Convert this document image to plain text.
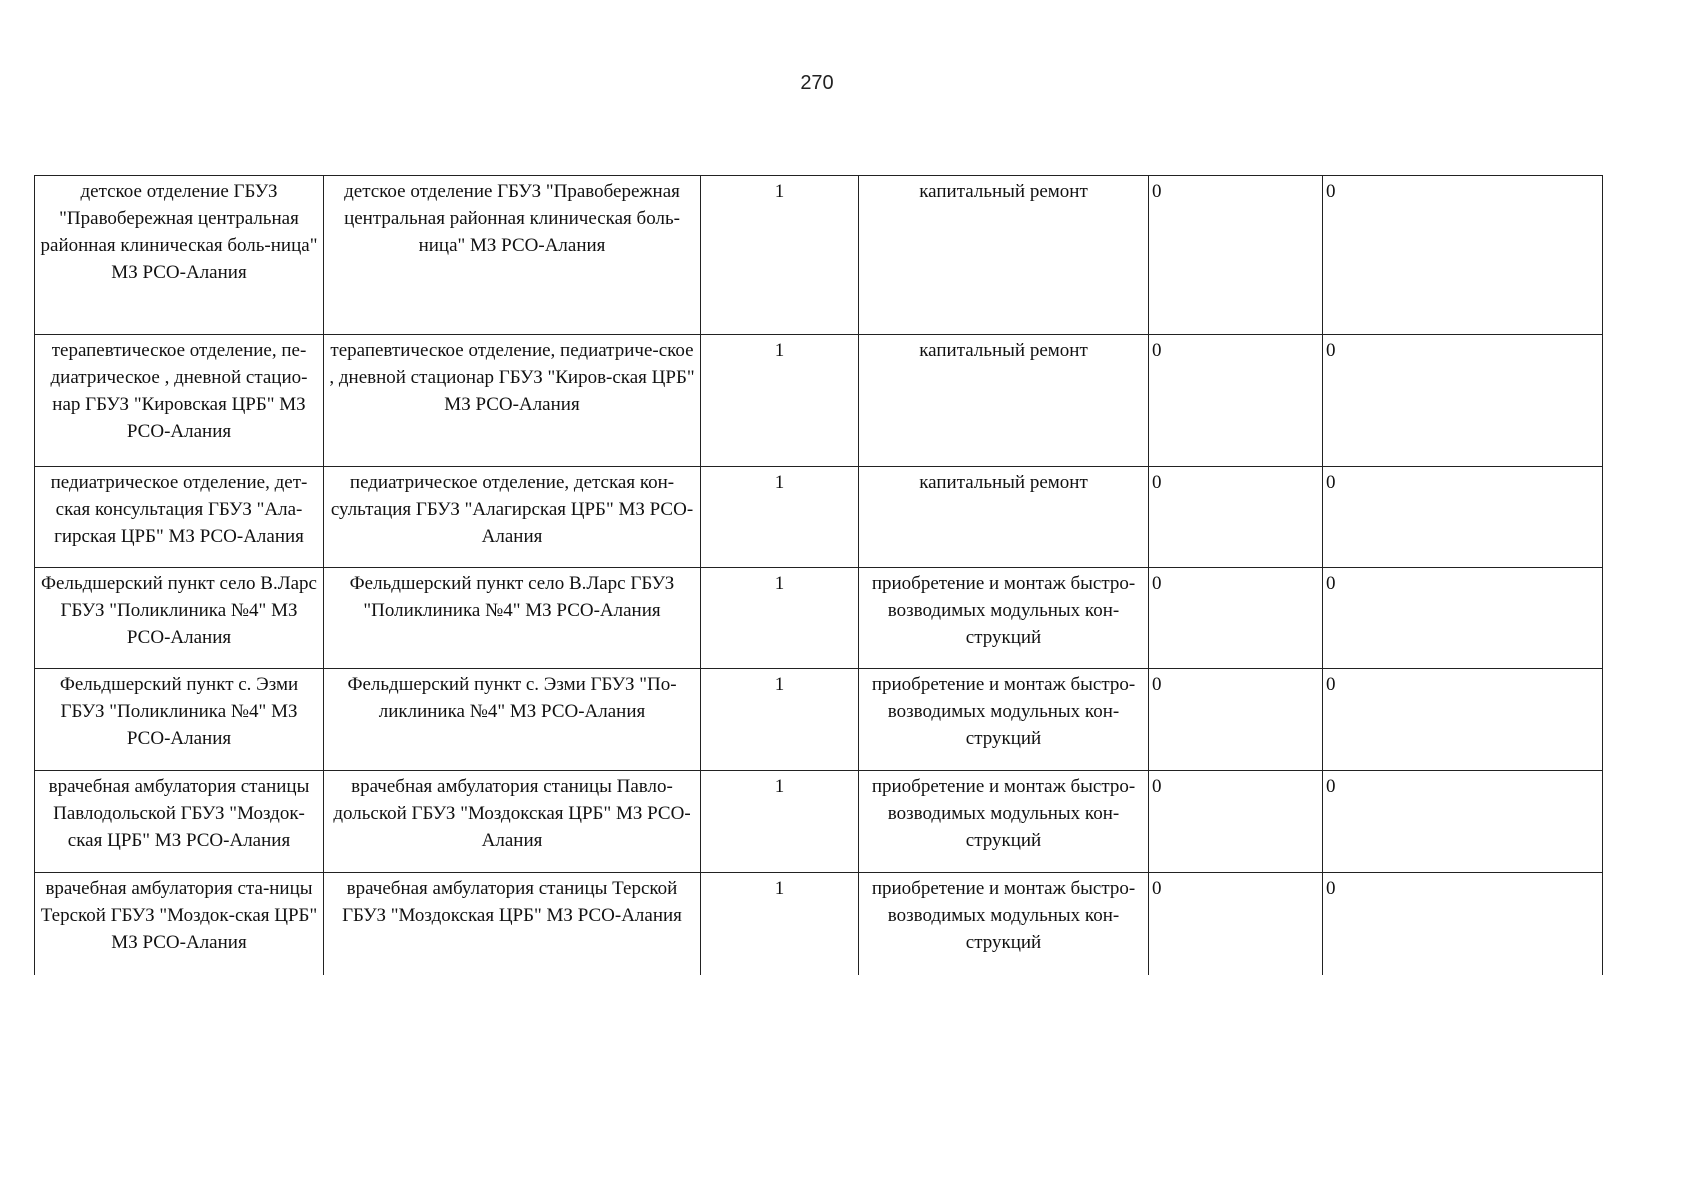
270
детское отделение ГБУЗ "Правобережная центральная районная клиническая боль-ница" МЗ РСО-Алания	детское отделение ГБУЗ "Правобережная центральная районная клиническая боль-ница" МЗ РСО-Алания	1	капитальный ремонт	0	0
терапевтическое отделение, пе-диатрическое , дневной стацио-нар ГБУЗ "Кировская ЦРБ" МЗ РСО-Алания	терапевтическое отделение, педиатриче-ское , дневной стационар ГБУЗ "Киров-ская ЦРБ" МЗ РСО-Алания	1	капитальный ремонт	0	0
педиатрическое отделение, дет-ская консультация ГБУЗ "Ала-гирская ЦРБ" МЗ РСО-Алания	педиатрическое отделение, детская кон-сультация ГБУЗ "Алагирская ЦРБ" МЗ РСО-Алания	1	капитальный ремонт	0	0
Фельдшерский пункт село В.Ларс ГБУЗ "Поликлиника №4" МЗ РСО-Алания	Фельдшерский пункт село В.Ларс ГБУЗ "Поликлиника №4" МЗ РСО-Алания	1	приобретение и монтаж быстро-возводимых модульных кон-струкций	0	0
Фельдшерский пункт с. Эзми ГБУЗ "Поликлиника №4" МЗ РСО-Алания	Фельдшерский пункт с. Эзми ГБУЗ "По-ликлиника №4" МЗ РСО-Алания	1	приобретение и монтаж быстро-возводимых модульных кон-струкций	0	0
врачебная амбулатория станицы Павлодольской ГБУЗ "Моздок-ская ЦРБ" МЗ РСО-Алания	врачебная амбулатория станицы Павло-дольской ГБУЗ "Моздокская ЦРБ" МЗ РСО-Алания	1	приобретение и монтаж быстро-возводимых модульных кон-струкций	0	0
врачебная амбулатория ста-ницы Терской ГБУЗ "Моздок-ская ЦРБ" МЗ РСО-Алания	врачебная амбулатория станицы Терской ГБУЗ "Моздокская ЦРБ" МЗ РСО-Алания	1	приобретение и монтаж быстро-возводимых модульных кон-струкций	0	0
